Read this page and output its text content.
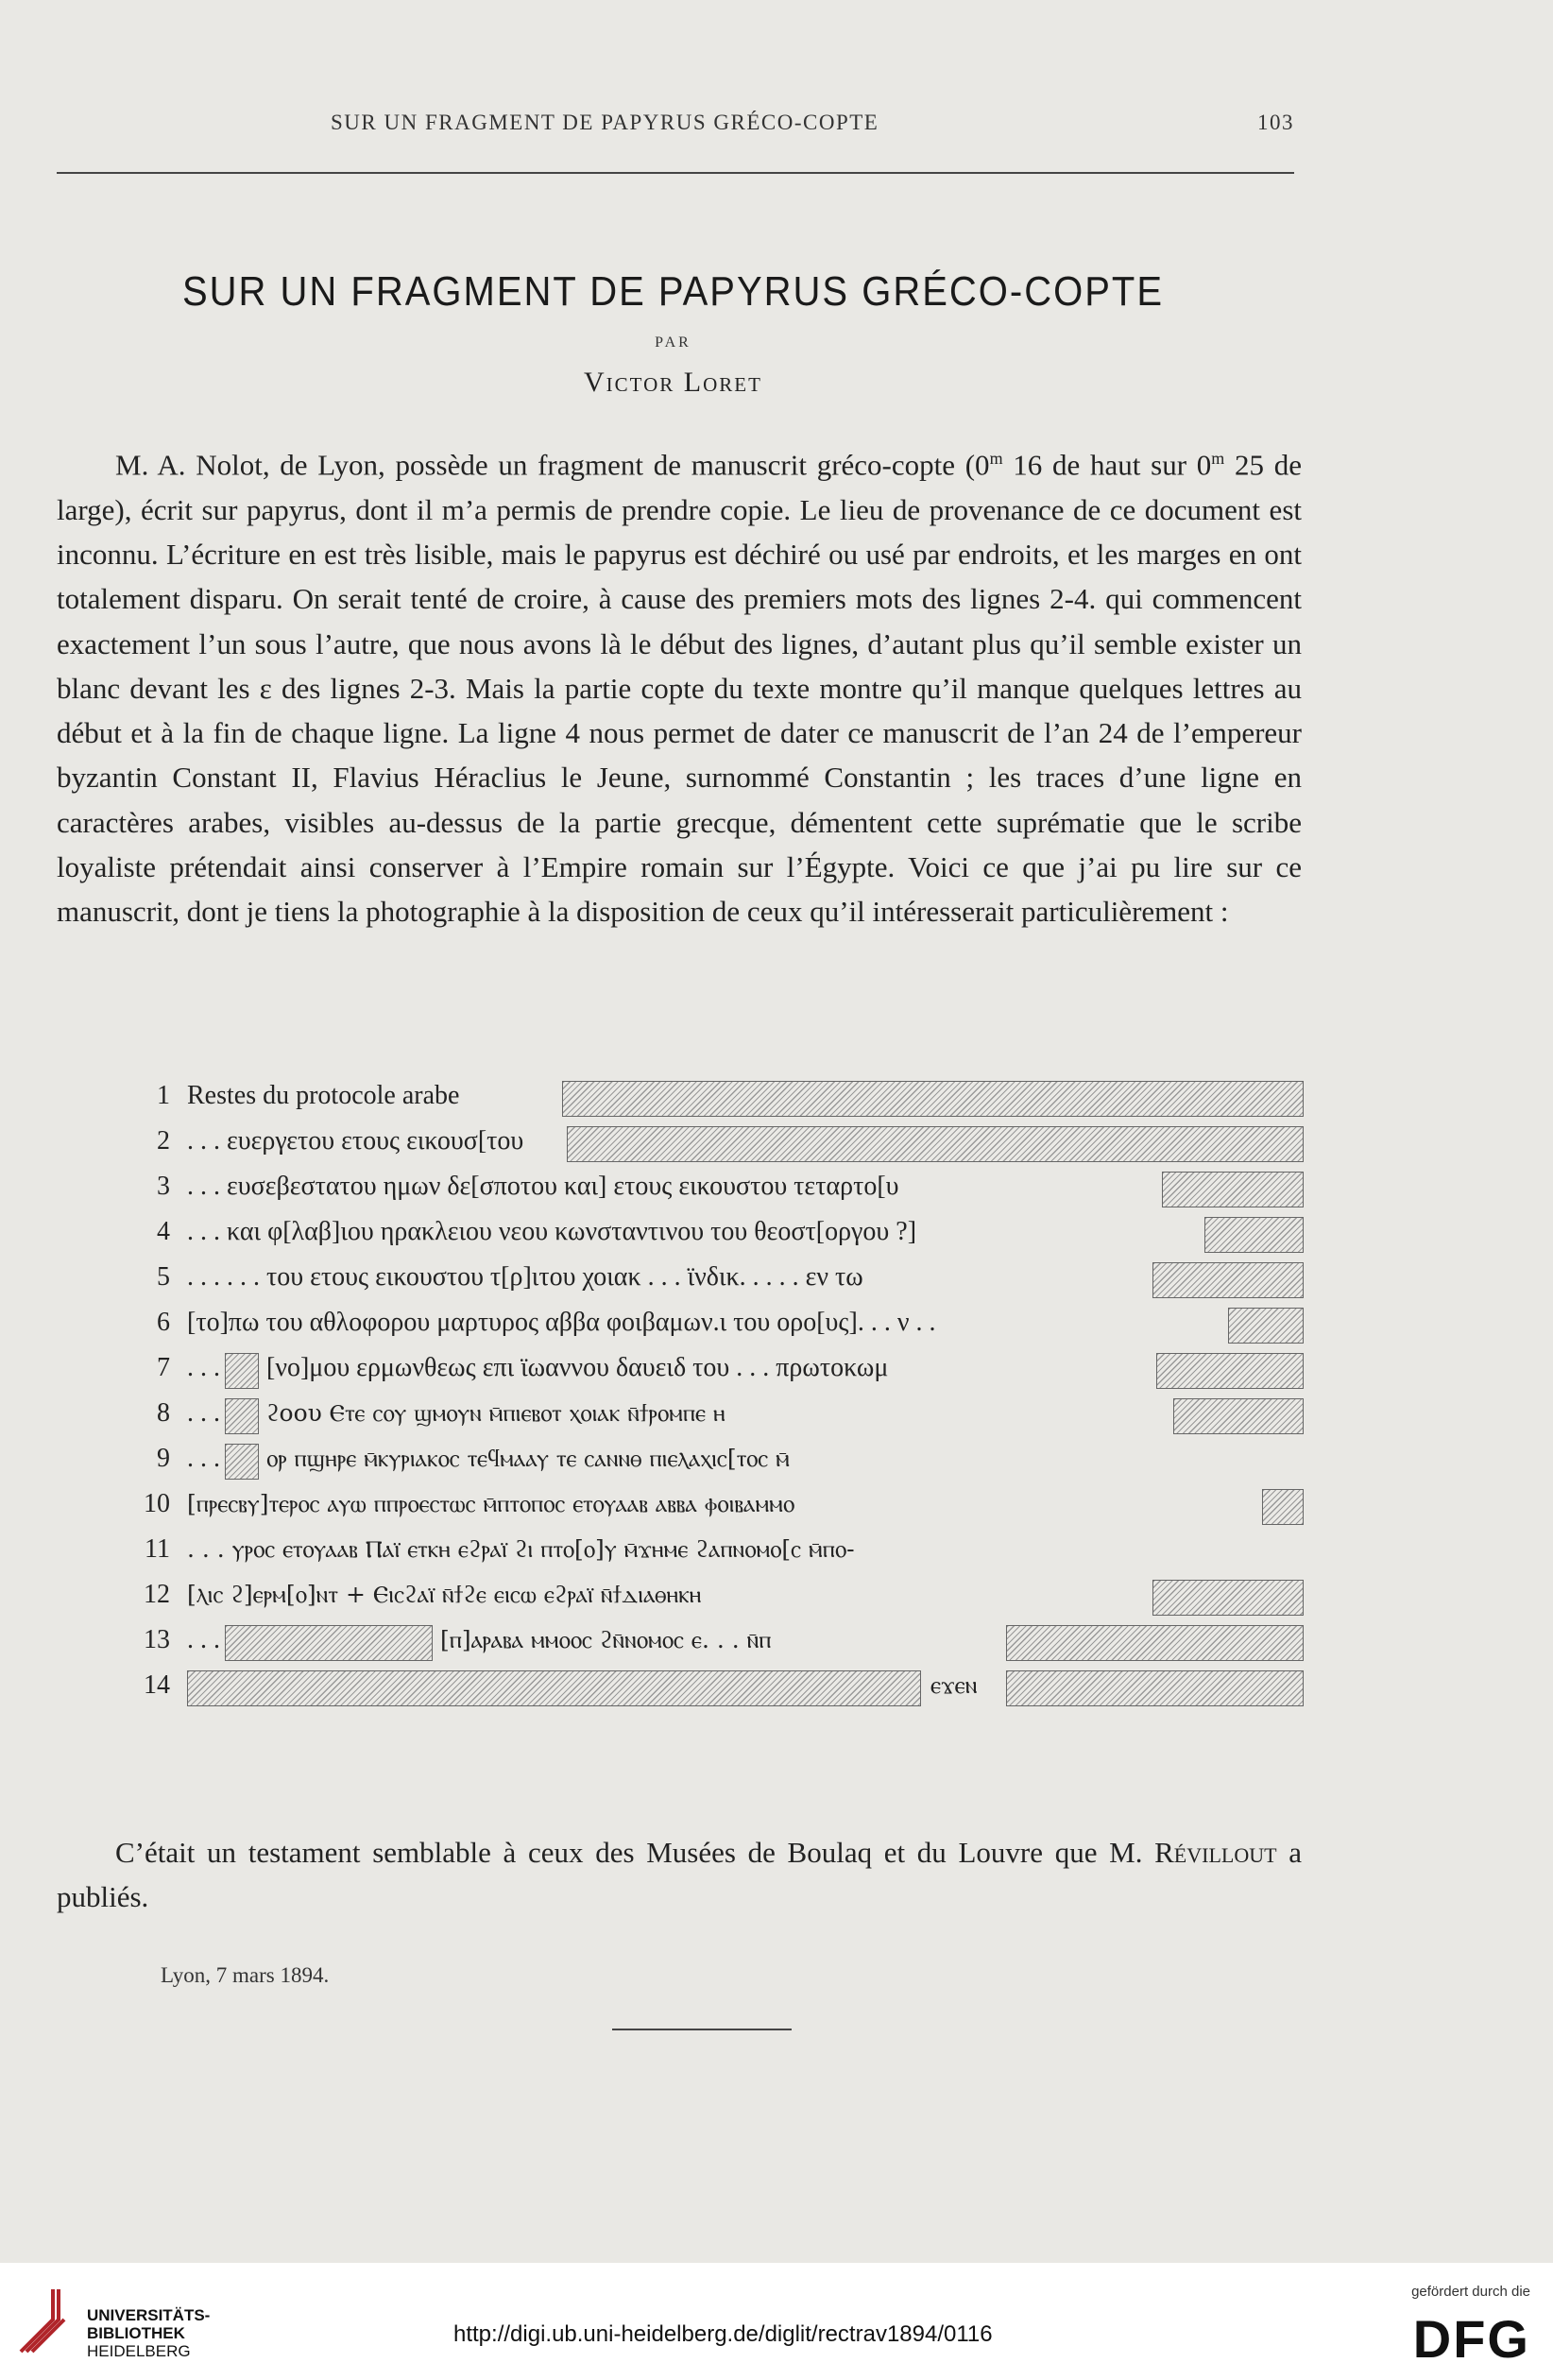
SUR UN FRAGMENT DE PAPYRUS GRÉCO-COPTE	103
SUR UN FRAGMENT DE PAPYRUS GRÉCO-COPTE
PAR
Victor Loret

M. A. Nolot, de Lyon, possède un fragment de manuscrit gréco-copte (0$^m$ 16 de haut sur 0$^m$ 25 de large), écrit sur papyrus, dont il m’a permis de prendre copie. Le lieu de provenance de ce document est inconnu. L’écriture en est très lisible, mais le papyrus est déchiré ou usé par endroits, et les marges en ont totalement disparu. On serait tenté de croire, à cause des premiers mots des lignes 2-4. qui commencent exactement l’un sous l’autre, que nous avons là le début des lignes, d’autant plus qu’il semble exister un blanc devant les ε des lignes 2-3. Mais la partie copte du texte montre qu’il manque quelques lettres au début et à la fin de chaque ligne. La ligne 4 nous permet de dater ce manuscrit de l’an 24 de l’empereur byzantin Constant II, Flavius Héraclius le Jeune, surnommé Constantin ; les traces d’une ligne en caractères arabes, visibles au-dessus de la partie grecque, démentent cette suprématie que le scribe loyaliste prétendait ainsi conserver à l’Empire romain sur l’Égypte. Voici ce que j’ai pu lire sur ce manuscrit, dont je tiens la photographie à la disposition de ceux qu’il intéresserait particulièrement :

1 Restes du protocole arabe
2 . . . ευεργετου ετους εικουσ[του
3 . . . ευσεβεστατου ημων δε[σποτου και] ετους εικουστου τεταρτο[υ
4 . . . και φ[λαβ]ιου ηρακλειου νεου κωνσταντινου του θεοστ[οργου ?]
5 . . . . . . του ετους εικουστου τ[ρ]ιτου χοιακ . . . ϊνδικ. . . . . εν τω
6 [το]πω του αθλοφορου μαρτυρος αββα φοιβαμων.ι του ορο[υς]. . . ν . .
7 . . . [νο]μου ερμωνθεως επι ϊωαννου δαυειδ του . . . πρωτοκωμ
8 . . . ϩοου Ⲉⲧⲉ ⲥⲟⲩ ϣⲙⲟⲩⲛ ⲙ̄ⲡⲓⲉⲃⲟⲧ ⲭⲟⲓⲁⲕ ⲛ̄ϯⲣⲟⲙⲡⲉ ⲏ
9 . . . ⲟⲣ ⲡϣⲏⲣⲉ ⲙ̄ⲕⲩⲣⲓⲁⲕⲟⲥ ⲧⲉϥⲙⲁⲁⲩ ⲧⲉ ⲥⲁⲛⲛⲑ ⲡⲓⲉⲗⲁⲭⲓⲥ[ⲧⲟⲥ ⲙ̄
10 [ⲡⲣⲉⲥⲃⲩ]ⲧⲉⲣⲟⲥ ⲁⲩⲱ ⲡⲡⲣⲟⲉⲥⲧⲱⲥ ⲙ̄ⲡⲧⲟⲡⲟⲥ ⲉⲧⲟⲩⲁⲁⲃ ⲁⲃⲃⲁ ⲫⲟⲓⲃⲁⲙⲙⲟ
11 . . . ⲩⲣⲟⲥ ⲉⲧⲟⲩⲁⲁⲃ Ⲡⲁⲓ̈ ⲉⲧⲕⲏ ⲉϩⲣⲁⲓ̈ ϩⲓ ⲡⲧⲟ[ⲟ]ⲩ ⲙ̄ϫⲏⲙⲉ ϩⲁⲡⲛⲟⲙⲟ[ⲥ ⲙ̄ⲡⲟ-
12 [ⲗⲓⲥ ϩ]ⲉⲣⲙ[ⲟ]ⲛⲧ + Ⲉⲓⲥϩⲁⲓ̈ ⲛ̄ϯϩⲉ ⲉⲓⲥⲱ ⲉϩⲣⲁⲓ̈ ⲛ̄ϯⲇⲓⲁⲑⲏⲕⲏ
13 . . .	[ⲡ]ⲁⲣⲁⲃⲁ ⲙⲙⲟⲟⲥ ϩⲛ̄ⲛⲟⲙⲟⲥ ⲉ. . . ⲛ̄ⲡ
14	ⲉϫⲉⲛ

C’était un testament semblable à ceux des Musées de Boulaq et du Louvre que M. Révillout a publiés.

Lyon, 7 mars 1894.
UNIVERSITÄTS-
BIBLIOTHEK
HEIDELBERG
http://digi.ub.uni-heidelberg.de/diglit/rectrav1894/0116
gefördert durch die
DFG
